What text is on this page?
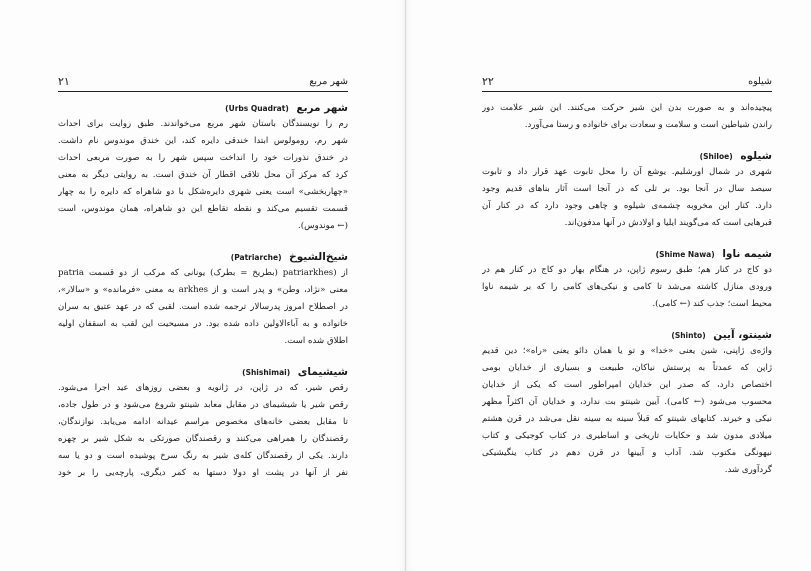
۲۱	شهر مربع
شهر مربع (Urbs Quadrat)
رم را نویسندگان باستان شهر مربع می‌خواندند. طبق روایت برای احداث
شهر رم، رومولوس ابتدا خندقی دایره کند، این خندق موندوس نام داشت.
در خندق نذورات خود را انداخت سپس شهر را به صورت مربعی احداث
کرد که مرکز آن محل تلاقی اقطار آن خندق است. به روایتی دیگر به معنی
«چهاربخشی» است یعنی شهری دایره‌شکل با دو شاهراه که دایره را به چهار
قسمت تقسیم می‌کند و نقطه تقاطع این دو شاهراه، همان موندوس، است
(← موندوس).
شیخ‌الشیوخ (Patriarche)
از (patriarkhes (بطریخ = بطرک) یونانی که مرکب از دو قسمت patria
معنی «نژاد، وطن» و پدر است و از arkhes به معنی «فرمانده» و «سالار»،
در اصطلاح امروز پدرسالار ترجمه شده است. لقبی که در عهد عتیق به سران
خانواده و به آباءالاولین داده شده بود. در مسیحیت این لقب به اسقفان اولیه
اطلاق شده است.
شیشیمای (Shishimai)
رقص شیر، که در ژاپن، در ژانویه و بعضی روزهای عید اجرا می‌شود.
رقص شیر یا شیشیمای در مقابل معابد شینتو شروع می‌شود و در طول جاده،
تا مقابل بعضی خانه‌های مخصوص مراسم عیدانه ادامه می‌یابد. نوازندگان،
رقصندگان را همراهی می‌کنند و رقصندگان صورتکی به شکل شیر بر چهره
دارند. یکی از رقصندگان کله‌ی شیر به رنگ سرخ پوشیده است و دو یا سه
نفر از آنها در پشت او دولا دستها به کمر دیگری، پارچه‌یی را بر خود
۲۲	شیلوه
پیچیده‌اند و به صورت بدن این شیر حرکت می‌کنند. این شیر علامت دور
راندن شیاطین است و سلامت و سعادت برای خانواده و رستا می‌آورد.
شیلوه (Shiloe)
شهری در شمال اورشلیم. یوشع آن را محل تابوت عهد قرار داد و تابوت
سیصد سال در آنجا بود. بر تلی که در آنجا است آثار بناهای قدیم وجود
دارد. کنار این مخروبه چشمه‌ی شیلوه و چاهی وجود دارد که در کنار آن
قبرهایی است که می‌گویند ایلیا و اولادش در آنها مدفون‌اند.
شیمه ناوا (Shime Nawa)
دو کاج در کنار هم؛ طبق رسوم ژاپن، در هنگام بهار دو کاج در کنار هم در
ورودی منازل کاشته می‌شد تا کامی و نیکی‌های کامی را که بر شیمه ناوا
محیط است؛ جذب کند (← کامی).
شینتو، آیین (Shinto)
واژه‌ی ژاپنی، شین یعنی «خدا» و تو یا همان دائو یعنی «راه»؛ دین قدیم
ژاپن که عمدتاً به پرستش نیاکان، طبیعت و بسیاری از خدایان بومی
اختصاص دارد، که صدر این خدایان امپراطور است که یکی از خدایان
محسوب می‌شود (← کامی). آیین شینتو بت ندارد، و خدایان آن اکثراً مظهر
نیکی و خیرند. کتابهای شینتو که قبلاً سینه به سینه نقل می‌شد در قرن هشتم
میلادی مدون شد و حکایات تاریخی و اساطیری در کتاب کوجیکی و کتاب
نیهونگی مکتوب شد. آداب و آیینها در قرن دهم در کتاب ینگیشیکی
گردآوری شد.
